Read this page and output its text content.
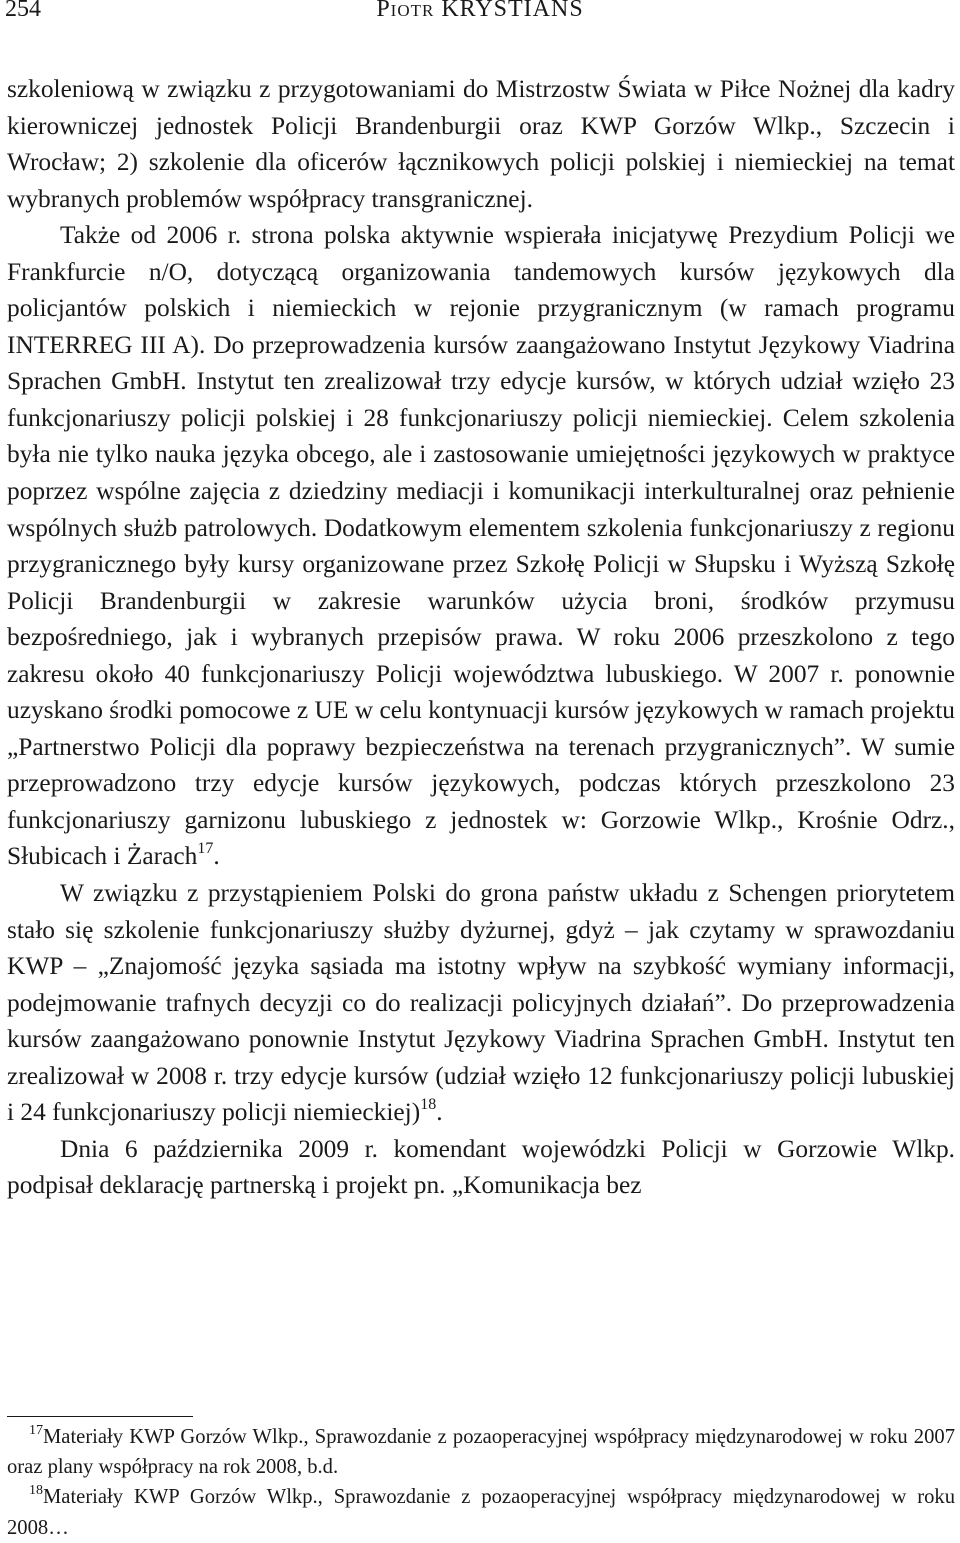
254	Piotr KRYSTIANS

szkoleniową w związku z przygotowaniami do Mistrzostw Świata w Piłce Nożnej dla kadry kierowniczej jednostek Policji Brandenburgii oraz KWP Gorzów Wlkp., Szczecin i Wrocław; 2) szkolenie dla oficerów łącznikowych policji polskiej i niemieckiej na temat wybranych problemów współpracy transgranicznej.

Także od 2006 r. strona polska aktywnie wspierała inicjatywę Prezydium Policji we Frankfurcie n/O, dotyczącą organizowania tandemowych kursów językowych dla policjantów polskich i niemieckich w rejonie przygranicznym (w ramach programu INTERREG III A). Do przeprowadzenia kursów zaangażowano Instytut Językowy Viadrina Sprachen GmbH. Instytut ten zrealizował trzy edycje kursów, w których udział wzięło 23 funkcjonariuszy policji polskiej i 28 funkcjonariuszy policji niemieckiej. Celem szkolenia była nie tylko nauka języka obcego, ale i zastosowanie umiejętności językowych w praktyce poprzez wspólne zajęcia z dziedziny mediacji i komunikacji interkulturalnej oraz pełnienie wspólnych służb patrolowych. Dodatkowym elementem szkolenia funkcjonariuszy z regionu przygranicznego były kursy organizowane przez Szkołę Policji w Słupsku i Wyższą Szkołę Policji Brandenburgii w zakresie warunków użycia broni, środków przymusu bezpośredniego, jak i wybranych przepisów prawa. W roku 2006 przeszkolono z tego zakresu około 40 funkcjonariuszy Policji województwa lubuskiego. W 2007 r. ponownie uzyskano środki pomocowe z UE w celu kontynuacji kursów językowych w ramach projektu „Partnerstwo Policji dla poprawy bezpieczeństwa na terenach przygranicznych”. W sumie przeprowadzono trzy edycje kursów językowych, podczas których przeszkolono 23 funkcjonariuszy garnizonu lubuskiego z jednostek w: Gorzowie Wlkp., Krośnie Odrz., Słubicach i Żarach$^{17}$.

W związku z przystąpieniem Polski do grona państw układu z Schengen priorytetem stało się szkolenie funkcjonariuszy służby dyżurnej, gdyż – jak czytamy w sprawozdaniu KWP – „Znajomość języka sąsiada ma istotny wpływ na szybkość wymiany informacji, podejmowanie trafnych decyzji co do realizacji policyjnych działań”. Do przeprowadzenia kursów zaangażowano ponownie Instytut Językowy Viadrina Sprachen GmbH. Instytut ten zrealizował w 2008 r. trzy edycje kursów (udział wzięło 12 funkcjonariuszy policji lubuskiej i 24 funkcjonariuszy policji niemieckiej)$^{18}$.

Dnia 6 października 2009 r. komendant wojewódzki Policji w Gorzowie Wlkp. podpisał deklarację partnerską i projekt pn. „Komunikacja bez

$^{17}$Materiały KWP Gorzów Wlkp., Sprawozdanie z pozaoperacyjnej współpracy międzynarodowej w roku 2007 oraz plany współpracy na rok 2008, b.d.

$^{18}$Materiały KWP Gorzów Wlkp., Sprawozdanie z pozaoperacyjnej współpracy międzynarodowej w roku 2008…
